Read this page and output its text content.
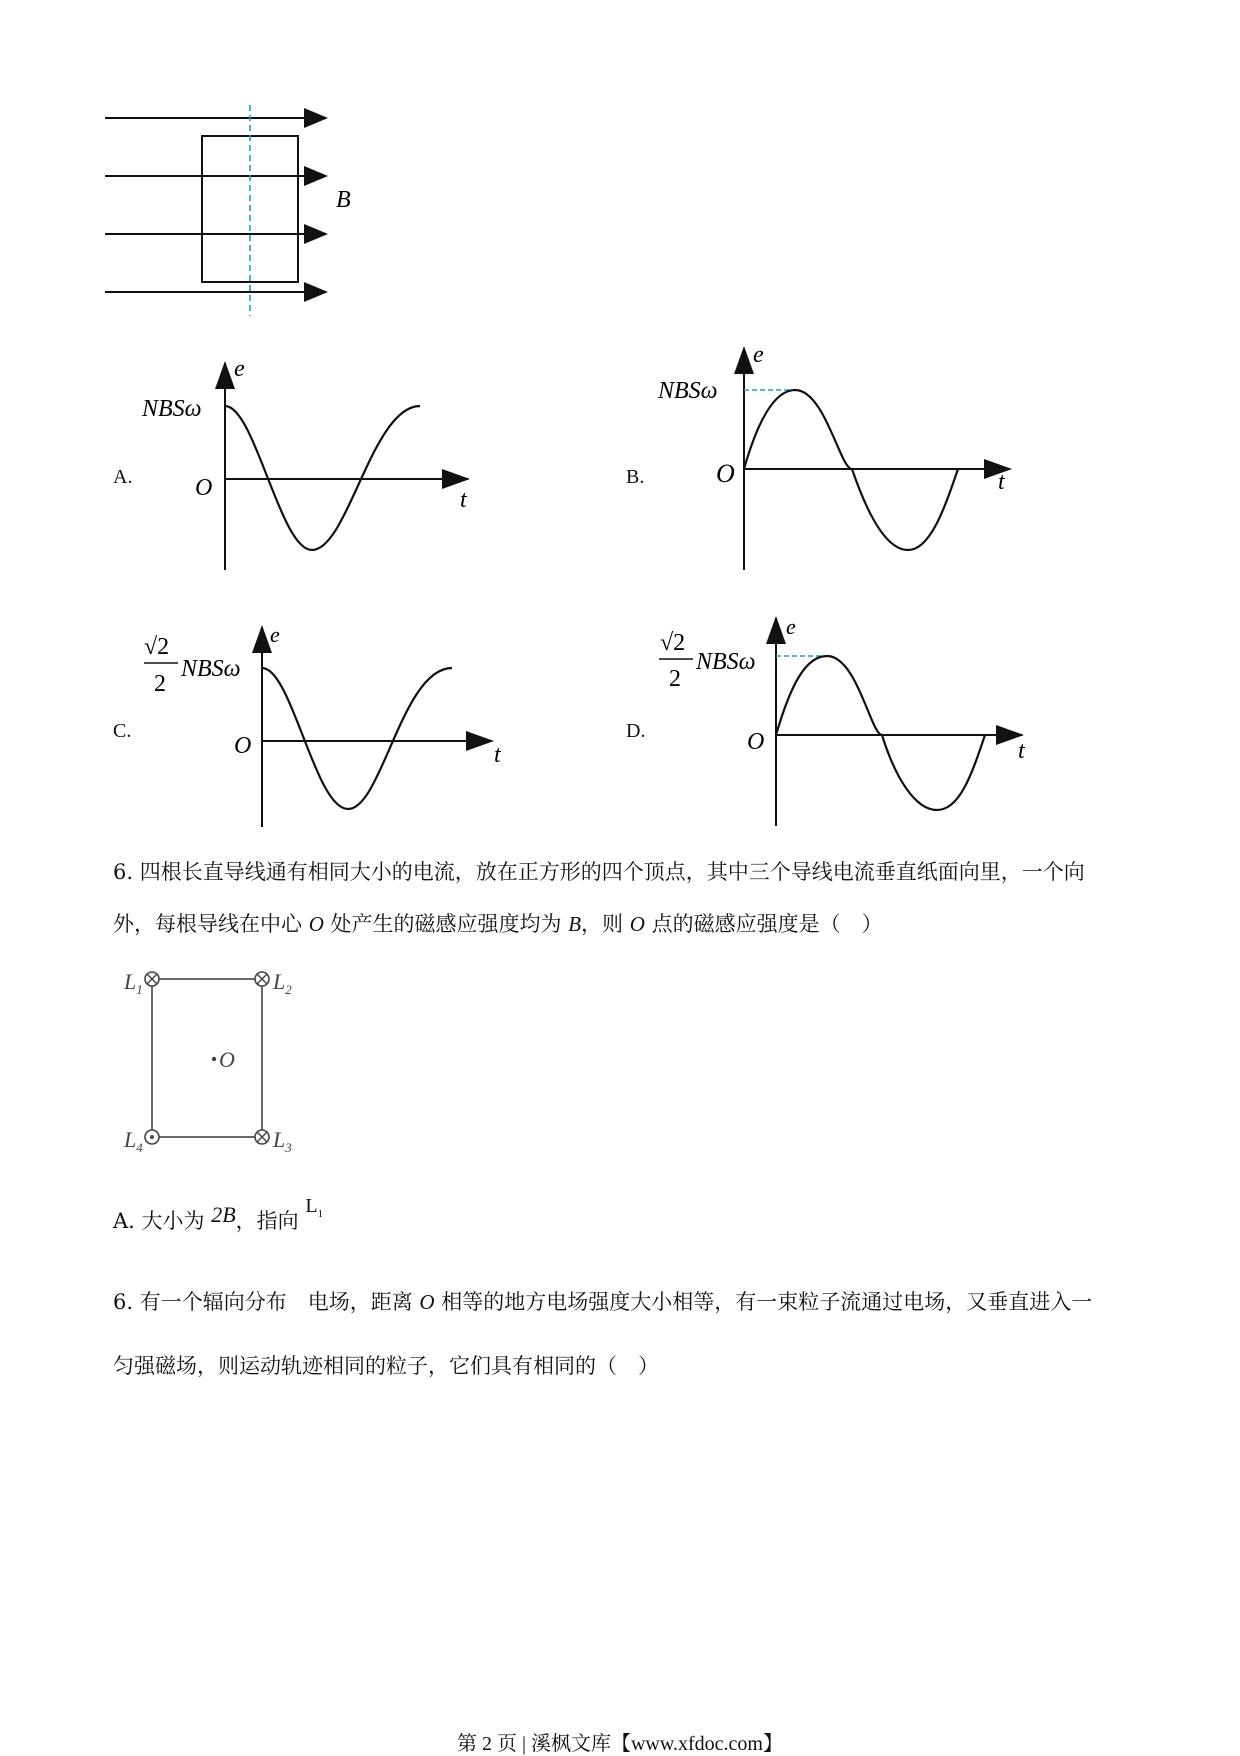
B
A.
NBSω
e
O	t
B.
NBSω
e
O	t
C.
√2
2
NBSω
e
O	t
D.
√2
2
NBSω
e
O	t
6. 四根长直导线通有相同大小的电流，放在正方形的四个顶点，其中三个导线电流垂直纸面向里，一个向
外，每根导线在中心 O 处产生的磁感应强度均为 B，则 O 点的磁感应强度是（　）
O
$L_1$	$L_2$
$L_3$
$L_4$
A. 大小为 2B，指向 $L_1$
6. 有一个辐向分布　电场，距离 O 相等的地方电场强度大小相等，有一束粒子流通过电场，又垂直进入一
匀强磁场，则运动轨迹相同的粒子，它们具有相同的（　）
第 2 页 | 溪枫文库【www.xfdoc.com】
